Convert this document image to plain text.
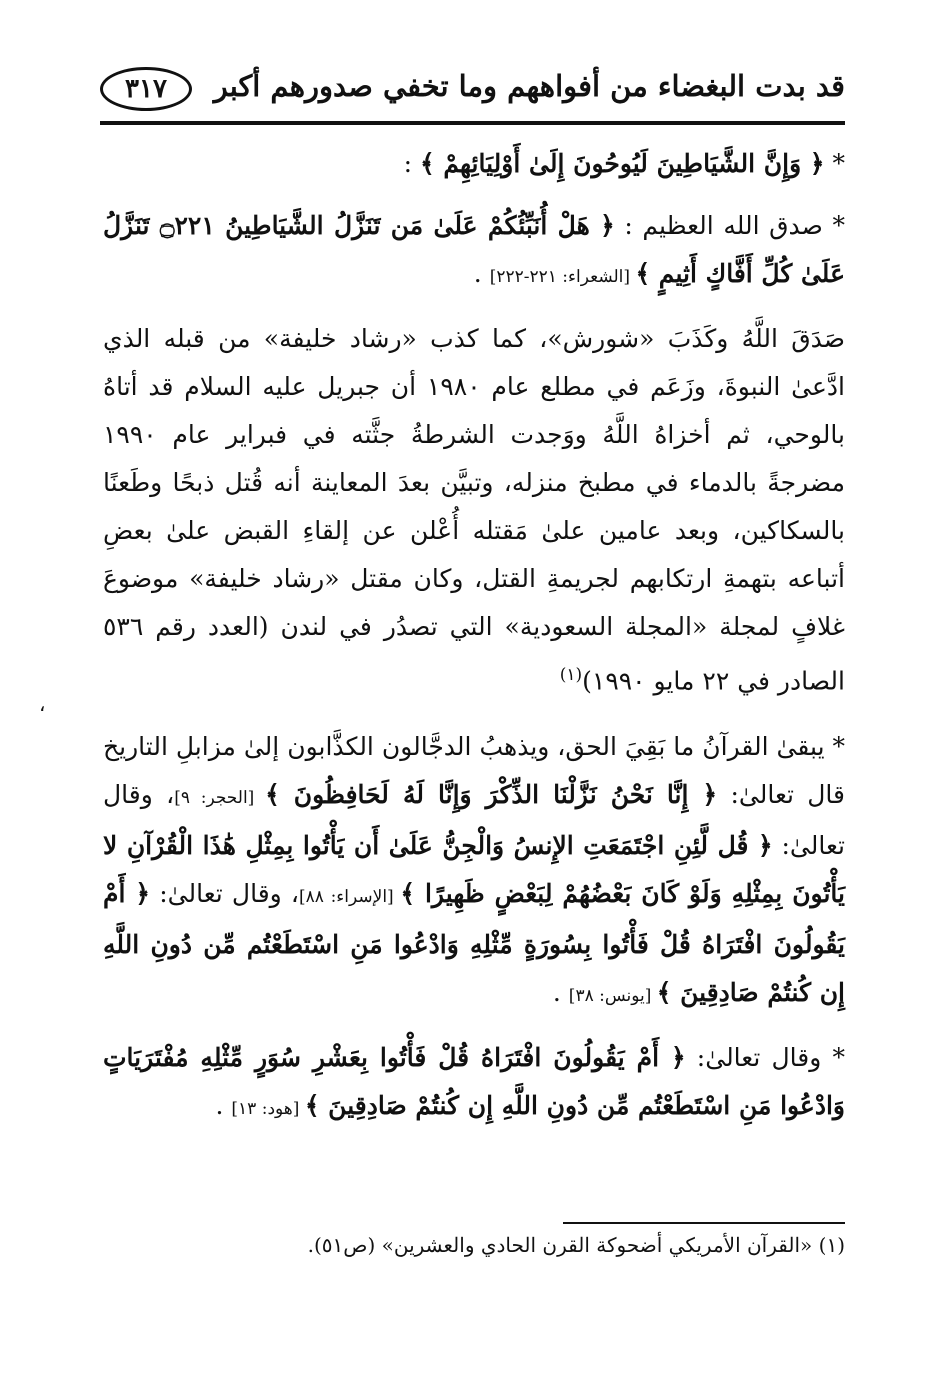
٣١٧	قد بدت البغضاء من أفواههم وما تخفي صدورهم أكبر

* ﴿ وَإِنَّ الشَّيَاطِينَ لَيُوحُونَ إِلَىٰ أَوْلِيَائِهِمْ ﴾ :

* صدق الله العظيم : ﴿ هَلْ أُنَبِّئُكُمْ عَلَىٰ مَن تَنَزَّلُ الشَّيَاطِينُ ۝٢٢١ تَنَزَّلُ عَلَىٰ كُلِّ أَفَّاكٍ أَثِيمٍ ﴾ [الشعراء: ٢٢١-٢٢٢] .

صَدَقَ اللَّهُ وكَذَبَ «شورش»، كما كذب «رشاد خليفة» من قبله الذي ادَّعىٰ النبوةَ، وزَعَم في مطلع عام ١٩٨٠ أن جبريل عليه السلام قد أتاهُ بالوحي، ثم أخزاهُ اللَّهُ ووَجدت الشرطةُ جثَّته في فبراير عام ١٩٩٠ مضرجةً بالدماء في مطبخ منزله، وتبيَّن بعدَ المعاينة أنه قُتل ذبحًا وطَعنًا بالسكاكين، وبعد عامين علىٰ مَقتله أُعْلن عن إلقاءِ القبض علىٰ بعضِ أتباعه بتهمةِ ارتكابهم لجريمةِ القتل، وكان مقتل «رشاد خليفة» موضوعَ غلافٍ لمجلة «المجلة السعودية» التي تصدُر في لندن (العدد رقم ٥٣٦ الصادر في ٢٢ مايو ١٩٩٠)$^{(١)}$

* يبقىٰ القرآنُ ما بَقِيَ الحق، ويذهبُ الدجَّالون الكذَّابون إلىٰ مزابلِ التاريخ قال تعالىٰ: ﴿ إِنَّا نَحْنُ نَزَّلْنَا الذِّكْرَ وَإِنَّا لَهُ لَحَافِظُونَ ﴾ [الحجر: ٩]، وقال تعالىٰ: ﴿ قُل لَّئِنِ اجْتَمَعَتِ الإِنسُ وَالْجِنُّ عَلَىٰ أَن يَأْتُوا بِمِثْلِ هَٰذَا الْقُرْآنِ لا يَأْتُونَ بِمِثْلِهِ وَلَوْ كَانَ بَعْضُهُمْ لِبَعْضٍ ظَهِيرًا ﴾ [الإسراء: ٨٨]، وقال تعالىٰ: ﴿ أَمْ يَقُولُونَ افْتَرَاهُ قُلْ فَأْتُوا بِسُورَةٍ مِّثْلِهِ وَادْعُوا مَنِ اسْتَطَعْتُم مِّن دُونِ اللَّهِ إِن كُنتُمْ صَادِقِينَ ﴾ [يونس: ٣٨] .

* وقال تعالىٰ: ﴿ أَمْ يَقُولُونَ افْتَرَاهُ قُلْ فَأْتُوا بِعَشْرِ سُوَرٍ مِّثْلِهِ مُفْتَرَيَاتٍ وَادْعُوا مَنِ اسْتَطَعْتُم مِّن دُونِ اللَّهِ إِن كُنتُمْ صَادِقِينَ ﴾ [هود: ١٣] .

،
(١) «القرآن الأمريكي أضحوكة القرن الحادي والعشرين» (ص٥١).
